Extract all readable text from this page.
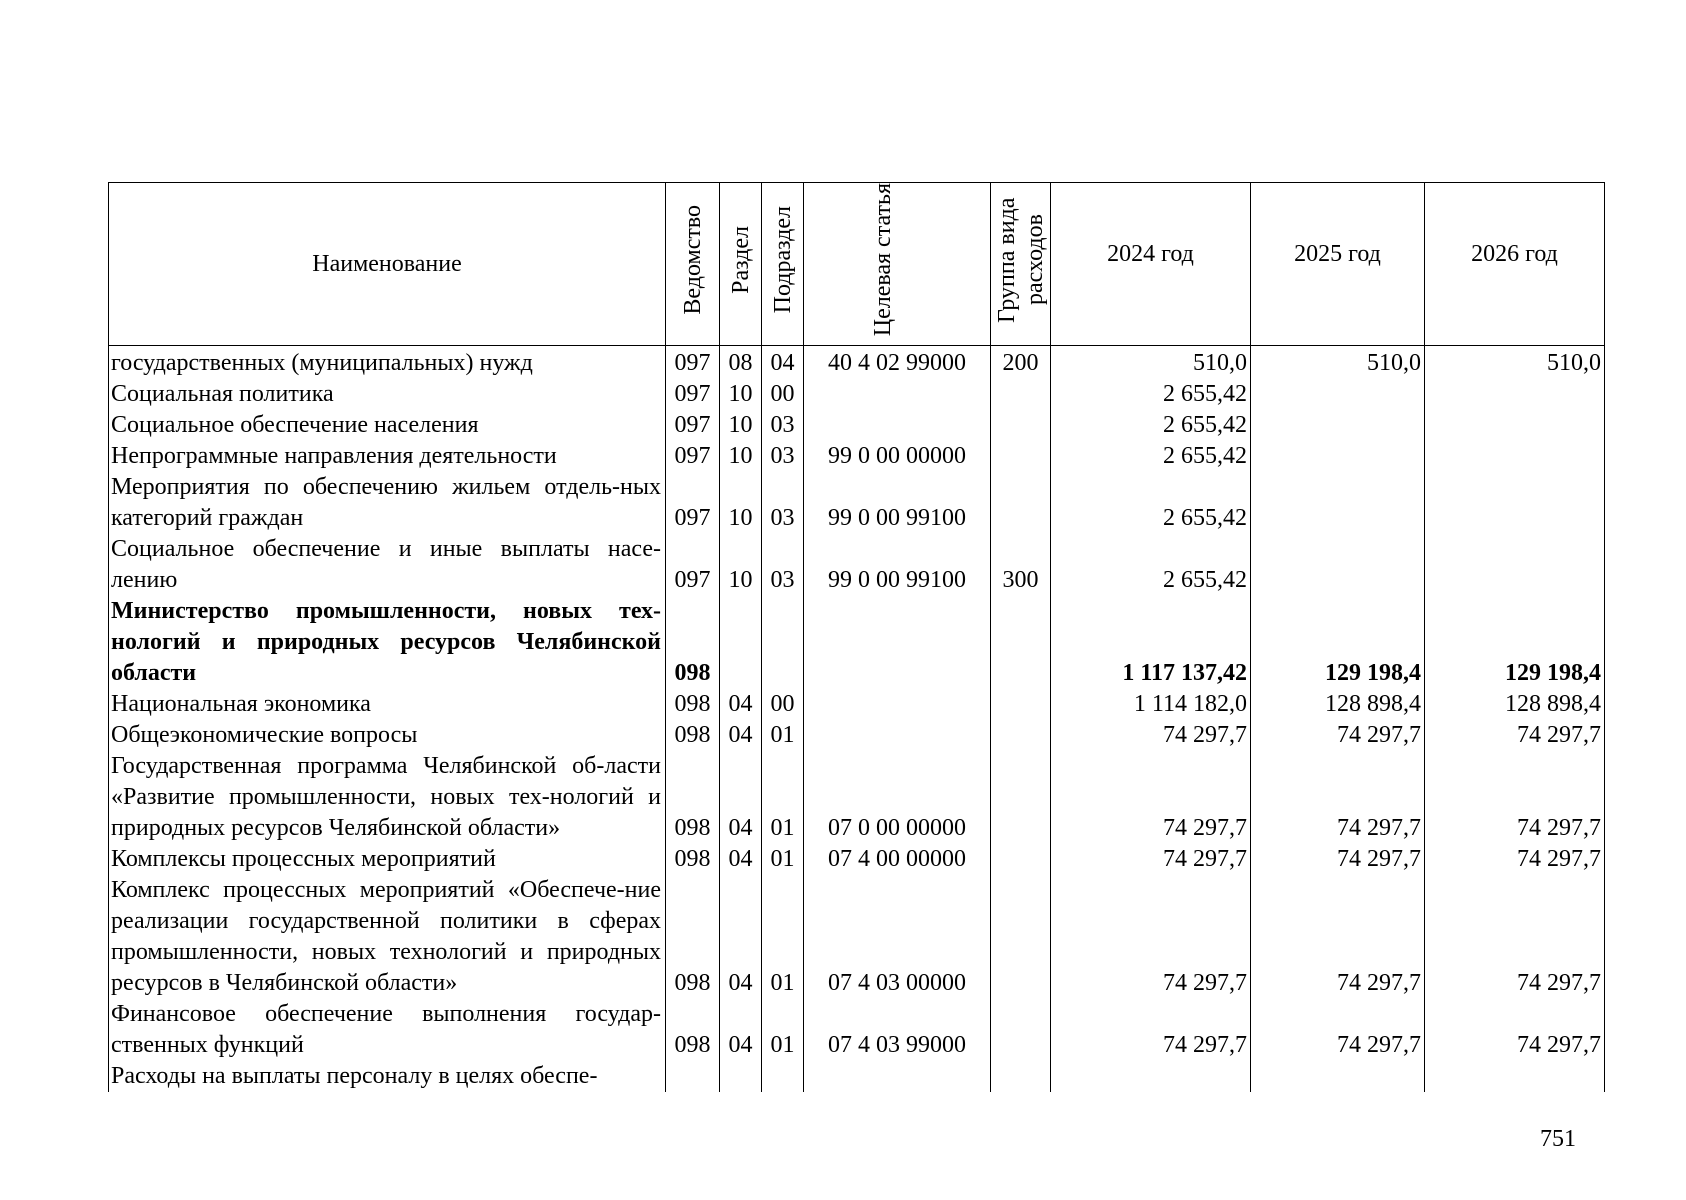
Наименование	Ведомство	Раздел	Подраздел	Целевая статья	Группа вида расходов	2024 год	2025 год	2026 год
государственных (муниципальных) нужд	097	08	04	40 4 02 99000	200	510,0	510,0	510,0
Социальная политика	097	10	00			2 655,42		
Социальное обеспечение населения	097	10	03			2 655,42		
Непрограммные направления деятельности	097	10	03	99 0 00 00000		2 655,42		
Мероприятия по обеспечению жильем отдель-ных категорий граждан	097	10	03	99 0 00 99100		2 655,42		
Социальное обеспечение и иные выплаты насе-лению	097	10	03	99 0 00 99100	300	2 655,42		
Министерство промышленности, новых тех-нологий и природных ресурсов Челябинской области	098					1 117 137,42	129 198,4	129 198,4
Национальная экономика	098	04	00			1 114 182,0	128 898,4	128 898,4
Общеэкономические вопросы	098	04	01			74 297,7	74 297,7	74 297,7
Государственная программа Челябинской об-ласти «Развитие промышленности, новых тех-нологий и природных ресурсов Челябинской области»	098	04	01	07 0 00 00000		74 297,7	74 297,7	74 297,7
Комплексы процессных мероприятий	098	04	01	07 4 00 00000		74 297,7	74 297,7	74 297,7
Комплекс процессных мероприятий «Обеспече-ние реализации государственной политики в сферах промышленности, новых технологий и природных ресурсов в Челябинской области»	098	04	01	07 4 03 00000		74 297,7	74 297,7	74 297,7
Финансовое обеспечение выполнения государ-ственных функций	098	04	01	07 4 03 99000		74 297,7	74 297,7	74 297,7
Расходы на выплаты персоналу в целях обеспе-								
751
